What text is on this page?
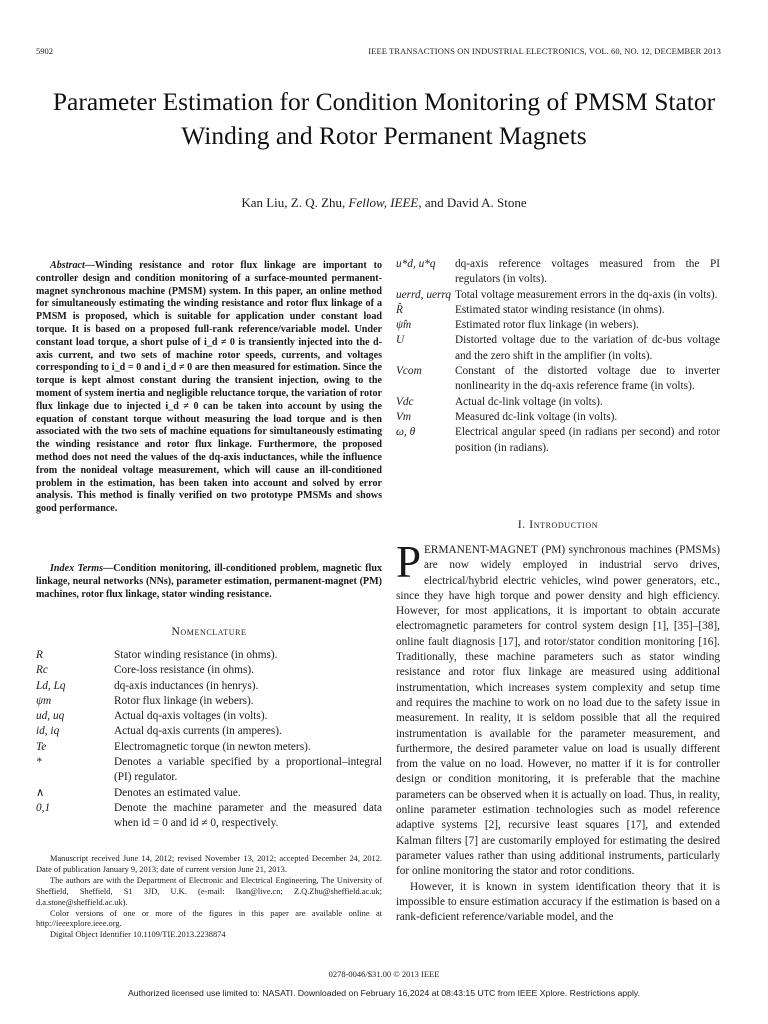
5902	IEEE TRANSACTIONS ON INDUSTRIAL ELECTRONICS, VOL. 60, NO. 12, DECEMBER 2013
Parameter Estimation for Condition Monitoring of PMSM Stator Winding and Rotor Permanent Magnets
Kan Liu, Z. Q. Zhu, Fellow, IEEE, and David A. Stone
Abstract—Winding resistance and rotor flux linkage are important to controller design and condition monitoring of a surface-mounted permanent-magnet synchronous machine (PMSM) system. In this paper, an online method for simultaneously estimating the winding resistance and rotor flux linkage of a PMSM is proposed, which is suitable for application under constant load torque. It is based on a proposed full-rank reference/variable model. Under constant load torque, a short pulse of i_d ≠ 0 is transiently injected into the d-axis current, and two sets of machine rotor speeds, currents, and voltages corresponding to i_d = 0 and i_d ≠ 0 are then measured for estimation. Since the torque is kept almost constant during the transient injection, owing to the moment of system inertia and negligible reluctance torque, the variation of rotor flux linkage due to injected i_d ≠ 0 can be taken into account by using the equation of constant torque without measuring the load torque and is then associated with the two sets of machine equations for simultaneously estimating the winding resistance and rotor flux linkage. Furthermore, the proposed method does not need the values of the dq-axis inductances, while the influence from the nonideal voltage measurement, which will cause an ill-conditioned problem in the estimation, has been taken into account and solved by error analysis. This method is finally verified on two prototype PMSMs and shows good performance.
Index Terms—Condition monitoring, ill-conditioned problem, magnetic flux linkage, neural networks (NNs), parameter estimation, permanent-magnet (PM) machines, rotor flux linkage, stator winding resistance.
Nomenclature
R	Stator winding resistance (in ohms).
Rc	Core-loss resistance (in ohms).
Ld, Lq	dq-axis inductances (in henrys).
ψm	Rotor flux linkage (in webers).
ud, uq	Actual dq-axis voltages (in volts).
id, iq	Actual dq-axis currents (in amperes).
Te	Electromagnetic torque (in newton meters).
*	Denotes a variable specified by a proportional–integral (PI) regulator.
∧	Denotes an estimated value.
0,1	Denote the machine parameter and the measured data when id = 0 and id ≠ 0, respectively.

Manuscript received June 14, 2012; revised November 13, 2012; accepted December 24, 2012. Date of publication January 9, 2013; date of current version June 21, 2013.

The authors are with the Department of Electronic and Electrical Engineering, The University of Sheffield, Sheffield, S1 3JD, U.K. (e-mail: lkan@live.cn; Z.Q.Zhu@sheffield.ac.uk; d.a.stone@sheffield.ac.uk).

Color versions of one or more of the figures in this paper are available online at http://ieeexplore.ieee.org.

Digital Object Identifier 10.1109/TIE.2013.2238874

u*d, u*q	dq-axis reference voltages measured from the PI regulators (in volts).
uerrd, uerrq Total voltage measurement errors in the dq-axis (in volts).
R̂	Estimated stator winding resistance (in ohms).
ψ̂m	Estimated rotor flux linkage (in webers).
U	Distorted voltage due to the variation of dc-bus voltage and the zero shift in the amplifier (in volts).
Vcom	Constant of the distorted voltage due to inverter nonlinearity in the dq-axis reference frame (in volts).
Vdc	Actual dc-link voltage (in volts).
Vm	Measured dc-link voltage (in volts).
ω, θ	Electrical angular speed (in radians per second) and rotor position (in radians).
I. Introduction

PERMANENT-MAGNET (PM) synchronous machines (PMSMs) are now widely employed in industrial servo drives, electrical/hybrid electric vehicles, wind power generators, etc., since they have high torque and power density and high efficiency. However, for most applications, it is important to obtain accurate electromagnetic parameters for control system design [1], [35]–[38], online fault diagnosis [17], and rotor/stator condition monitoring [16]. Traditionally, these machine parameters such as stator winding resistance and rotor flux linkage are measured using additional instrumentation, which increases system complexity and setup time and requires the machine to work on no load due to the safety issue in measurement. In reality, it is seldom possible that all the required instrumentation is available for the parameter measurement, and furthermore, the desired parameter value on load is usually different from the value on no load. However, no matter if it is for controller design or condition monitoring, it is preferable that the machine parameters can be observed when it is actually on load. Thus, in reality, online parameter estimation technologies such as model reference adaptive systems [2], recursive least squares [17], and extended Kalman filters [7] are customarily employed for estimating the desired parameter values rather than using additional instruments, particularly for online monitoring the stator and rotor conditions.

However, it is known in system identification theory that it is impossible to ensure estimation accuracy if the estimation is based on a rank-deficient reference/variable model, and the

0278-0046/$31.00 © 2013 IEEE
Authorized licensed use limited to: NASATI. Downloaded on February 16,2024 at 08:43:15 UTC from IEEE Xplore. Restrictions apply.
